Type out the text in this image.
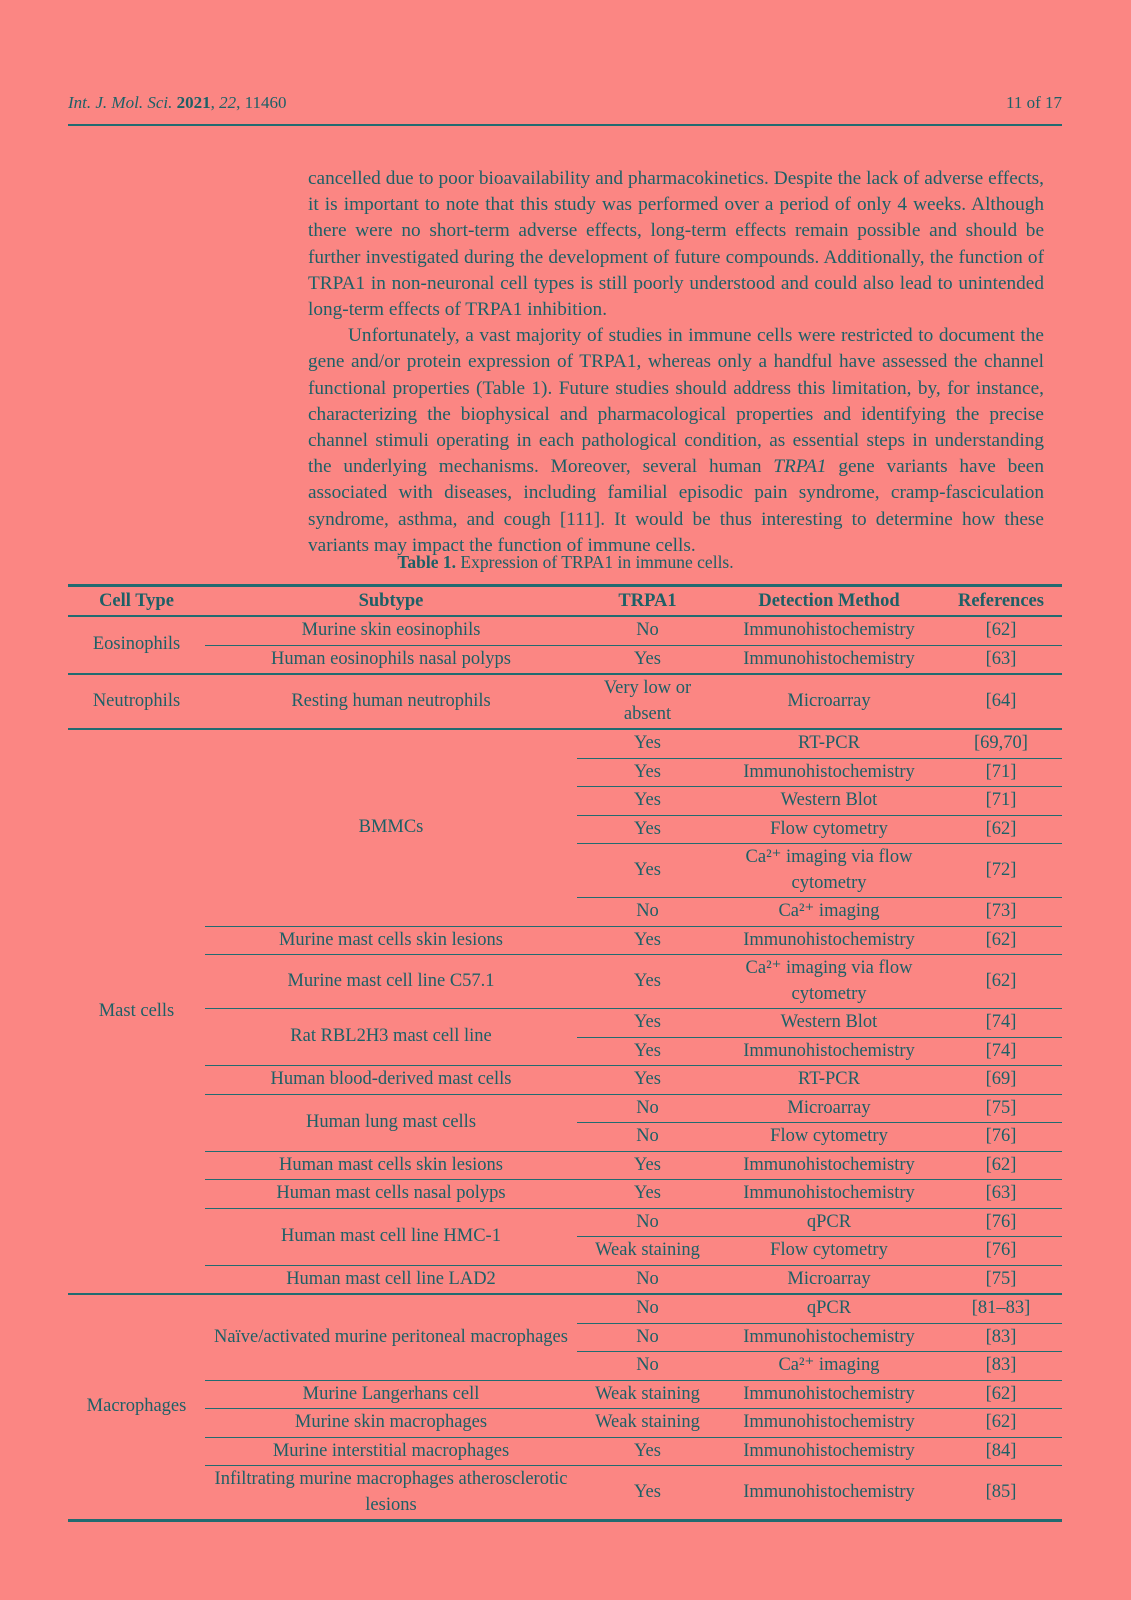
Int. J. Mol. Sci. 2021, 22, 11460	11 of 17

cancelled due to poor bioavailability and pharmacokinetics. Despite the lack of adverse effects, it is important to note that this study was performed over a period of only 4 weeks. Although there were no short-term adverse effects, long-term effects remain possible and should be further investigated during the development of future compounds. Additionally, the function of TRPA1 in non-neuronal cell types is still poorly understood and could also lead to unintended long-term effects of TRPA1 inhibition.

Unfortunately, a vast majority of studies in immune cells were restricted to document the gene and/or protein expression of TRPA1, whereas only a handful have assessed the channel functional properties (Table 1). Future studies should address this limitation, by, for instance, characterizing the biophysical and pharmacological properties and identifying the precise channel stimuli operating in each pathological condition, as essential steps in understanding the underlying mechanisms. Moreover, several human TRPA1 gene variants have been associated with diseases, including familial episodic pain syndrome, cramp-fasciculation syndrome, asthma, and cough [111]. It would be thus interesting to determine how these variants may impact the function of immune cells.

Table 1. Expression of TRPA1 in immune cells.
Cell Type	Subtype	TRPA1	Detection Method	References
Eosinophils	Murine skin eosinophils	No	Immunohistochemistry	[62]
	Human eosinophils nasal polyps	Yes	Immunohistochemistry	[63]
Neutrophils	Resting human neutrophils	Very low or absent	Microarray	[64]
Mast cells	BMMCs	Yes	RT-PCR	[69,70]
		Yes	Immunohistochemistry	[71]
		Yes	Western Blot	[71]
		Yes	Flow cytometry	[62]
		Yes	Ca²⁺ imaging via flow cytometry	[72]
		No	Ca²⁺ imaging	[73]
	Murine mast cells skin lesions	Yes	Immunohistochemistry	[62]
	Murine mast cell line C57.1	Yes	Ca²⁺ imaging via flow cytometry	[62]
	Rat RBL2H3 mast cell line	Yes	Western Blot	[74]
		Yes	Immunohistochemistry	[74]
	Human blood-derived mast cells	Yes	RT-PCR	[69]
	Human lung mast cells	No	Microarray	[75]
		No	Flow cytometry	[76]
	Human mast cells skin lesions	Yes	Immunohistochemistry	[62]
	Human mast cells nasal polyps	Yes	Immunohistochemistry	[63]
	Human mast cell line HMC-1	No	qPCR	[76]
		Weak staining	Flow cytometry	[76]
	Human mast cell line LAD2	No	Microarray	[75]
Macrophages	Naïve/activated murine peritoneal macrophages	No	qPCR	[81–83]
		No	Immunohistochemistry	[83]
		No	Ca²⁺ imaging	[83]
	Murine Langerhans cell	Weak staining	Immunohistochemistry	[62]
	Murine skin macrophages	Weak staining	Immunohistochemistry	[62]
	Murine interstitial macrophages	Yes	Immunohistochemistry	[84]
	Infiltrating murine macrophages atherosclerotic lesions	Yes	Immunohistochemistry	[85]
